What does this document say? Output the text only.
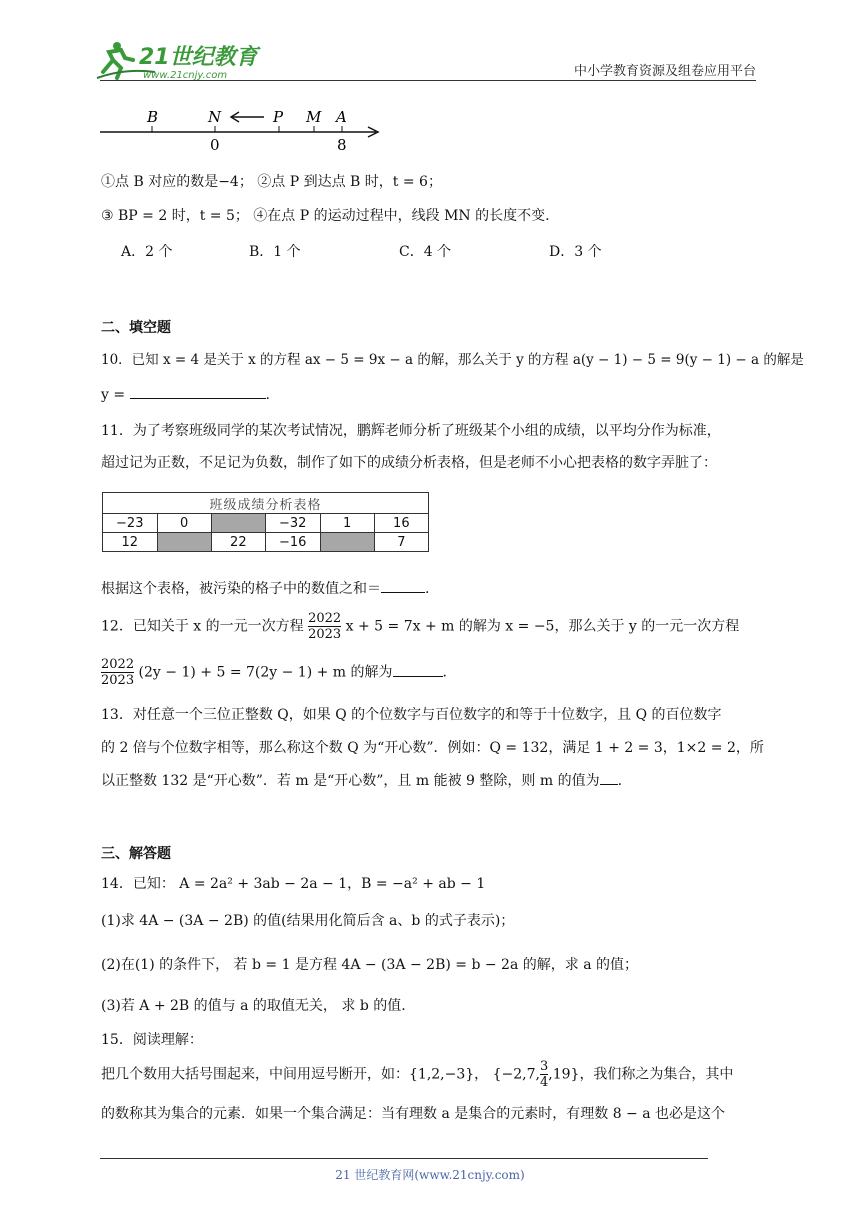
21世纪教育
www.21cnjy.com	中小学教育资源及组卷应用平台
B	N	P M A
0	8
①点 B 对应的数是−4； ②点 P 到达点 B 时，t = 6；
③ BP = 2 时，t = 5； ④在点 P 的运动过程中，线段 MN 的长度不变.
A．2 个	B．1 个	C．4 个	D．3 个
二、填空题
10．已知 x = 4 是关于 x 的方程 ax − 5 = 9x − a 的解，那么关于 y 的方程 a(y − 1) − 5 = 9(y − 1) − a 的解是
y =	.
11．为了考察班级同学的某次考试情况，鹏辉老师分析了班级某个小组的成绩，以平均分作为标准，
超过记为正数，不足记为负数，制作了如下的成绩分析表格，但是老师不小心把表格的数字弄脏了：
班级成绩分析表格					
−23	0		−32	1	16
12		22	−16		7
根据这个表格，被污染的格子中的数值之和＝	.
12．已知关于 x 的一元一次方程 $\frac{2022}{2023}$ x + 5 = 7x + m 的解为 x = −5，那么关于 y 的一元一次方程
$\frac{2022}{2023} (2y - 1) + 5 = 7(2y - 1) + m$ 的解为	.
13．对任意一个三位正整数 Q，如果 Q 的个位数字与百位数字的和等于十位数字，且 Q 的百位数字
的 2 倍与个位数字相等，那么称这个数 Q 为“开心数”．例如：Q = 132，满足 1 + 2 = 3，1×2 = 2，所
以正整数 132 是“开心数”．若 m 是“开心数”，且 m 能被 9 整除，则 m 的值为 .
三、解答题
14．已知： A = 2a² + 3ab − 2a − 1，B = −a² + ab − 1
(1)求 4A − (3A − 2B) 的值(结果用化简后含 a、b 的式子表示)；
(2)在(1) 的条件下， 若 b = 1 是方程 4A − (3A − 2B) = b − 2a 的解，求 a 的值；
(3)若 A + 2B 的值与 a 的取值无关， 求 b 的值.
15．阅读理解：
把几个数用大括号围起来，中间用逗号断开，如：{1,2,−3}， {−2,7, $\frac{3}{4} ,19$}，我们称之为集合，其中
的数称其为集合的元素．如果一个集合满足：当有理数 a 是集合的元素时，有理数 8 − a 也必是这个
21 世纪教育网(www.21cnjy.com)
